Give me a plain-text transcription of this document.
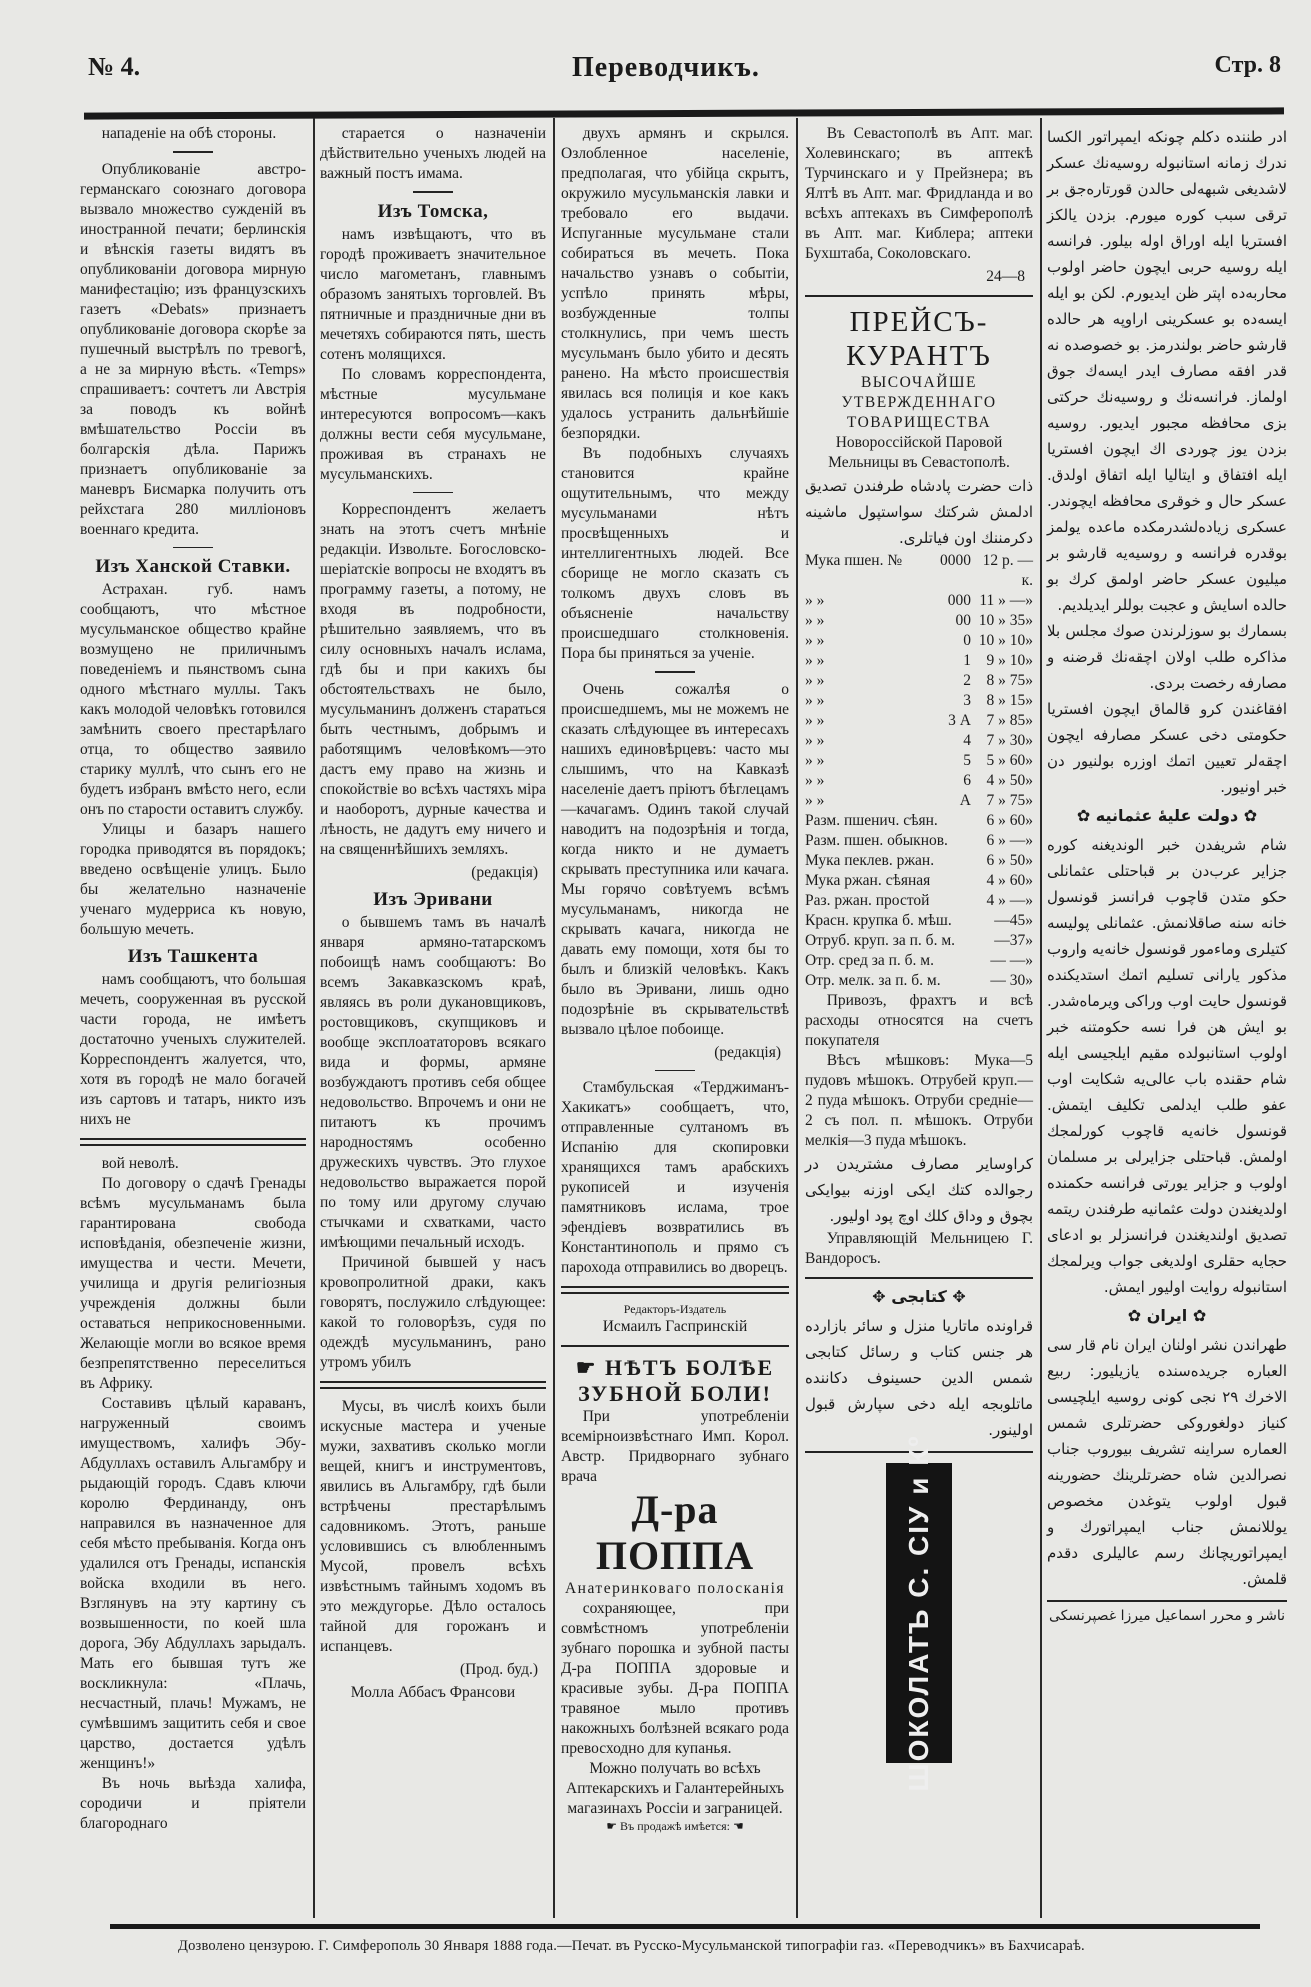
№ 4.	Переводчикъ.	Стр. 8

нападеніе на обѣ стороны.

Опубликованіе австро-германскаго союзнаго договора вызвало множество сужденій въ иностранной печати; берлинскія и вѣнскія газеты видятъ въ опубликованіи договора мирную манифестацію; изъ французскихъ газетъ «Debats» признаетъ опубликованіе договора скорѣе за пушечный выстрѣлъ по тревогѣ, а не за мирную вѣсть. «Temps» спрашиваетъ: сочтетъ ли Австрія за поводъ къ войнѣ вмѣшательство Россіи въ болгарскія дѣла. Парижъ признаетъ опубликованіе за маневръ Бисмарка получить отъ рейхстага 280 милліоновъ военнаго кредита.

Изъ Ханской Ставки.

Астрахан. губ. намъ сообщаютъ, что мѣстное мусульманское общество крайне возмущено не приличнымъ поведеніемъ и пьянствомъ сына одного мѣстнаго муллы. Такъ какъ молодой человѣкъ готовился замѣнить своего престарѣлаго отца, то общество заявило старику муллѣ, что сынъ его не будетъ избранъ вмѣсто него, если онъ по старости оставитъ службу.

Улицы и базаръ нашего городка приводятся въ порядокъ; введено освѣщеніе улицъ. Было бы желательно назначеніе ученаго мудерриса къ новую, большую мечеть.

Изъ Ташкента

намъ сообщаютъ, что большая мечеть, сооруженная въ русской части города, не имѣетъ достаточно ученыхъ служителей. Корреспондентъ жалуется, что, хотя въ городѣ не мало богачей изъ сартовъ и татаръ, никто изъ нихъ не

вой неволѣ.

По договору о сдачѣ Гренады всѣмъ мусульманамъ была гарантирована свобода исповѣданія, обезпеченіе жизни, имущества и чести. Мечети, училища и другія религіозныя учрежденія должны были оставаться неприкосновенными. Желающіе могли во всякое время безпрепятственно переселиться въ Африку.

Составивъ цѣлый караванъ, нагруженный своимъ имуществомъ, халифъ Эбу-Абдуллахъ оставилъ Альгамбру и рыдающій городъ. Сдавъ ключи королю Фердинанду, онъ направился въ назначенное для себя мѣсто пребыванія. Когда онъ удалился отъ Гренады, испанскія войска входили въ него. Взглянувъ на эту картину съ возвышенности, по коей шла дорога, Эбу Абдуллахъ зарыдалъ. Мать его бывшая тутъ же воскликнула: «Плачь, несчастный, плачь! Мужамъ, не сумѣвшимъ защитить себя и свое царство, достается удѣлъ женщинъ!»

Въ ночь выѣзда халифа, сородичи и пріятели благороднаго

старается о назначеніи дѣйствительно ученыхъ людей на важный постъ имама.

Изъ Томска,

намъ извѣщаютъ, что въ городѣ проживаетъ значительное число магометанъ, главнымъ образомъ занятыхъ торговлей. Въ пятничные и праздничные дни въ мечетяхъ собираются пять, шесть сотенъ молящихся.

По словамъ корреспондента, мѣстные мусульмане интересуются вопросомъ—какъ должны вести себя мусульмане, проживая въ странахъ не мусульманскихъ.

Корреспондентъ желаетъ знать на этотъ счетъ мнѣніе редакціи. Извольте. Богословско-шеріатскіе вопросы не входятъ въ программу газеты, а потому, не входя въ подробности, рѣшительно заявляемъ, что въ силу основныхъ началъ ислама, гдѣ бы и при какихъ бы обстоятельствахъ не было, мусульманинъ долженъ стараться быть честнымъ, добрымъ и работящимъ человѣкомъ—это дастъ ему право на жизнь и спокойствіе во всѣхъ частяхъ міра и наоборотъ, дурные качества и лѣность, не дадутъ ему ничего и на священнѣйшихъ земляхъ.

(редакція)
Изъ Эривани

о бывшемъ тамъ въ началѣ января армяно-татарскомъ побоищѣ намъ сообщаютъ: Во всемъ Закавказскомъ краѣ, являясь въ роли дукановщиковъ, ростовщиковъ, скупщиковъ и вообще эксплоататоровъ всякаго вида и формы, армяне возбуждаютъ противъ себя общее недовольство. Впрочемъ и они не питаютъ къ прочимъ народностямъ особенно дружескихъ чувствъ. Это глухое недовольство выражается порой по тому или другому случаю стычками и схватками, часто имѣющими печальный исходъ.

Причиной бывшей у насъ кровопролитной драки, какъ говорятъ, послужило слѣдующее: какой то головорѣзъ, судя по одеждѣ мусульманинъ, рано утромъ убилъ

Мусы, въ числѣ коихъ были искусные мастера и ученые мужи, захвативъ сколько могли вещей, книгъ и инструментовъ, явились въ Альгамбру, гдѣ были встрѣчены престарѣлымъ садовникомъ. Этотъ, раньше условившись съ влюбленнымъ Мусой, провелъ всѣхъ извѣстнымъ тайнымъ ходомъ въ это междугорье. Дѣло осталось тайной для горожанъ и испанцевъ.

(Прод. буд.)
Молла Аббасъ Франсови

двухъ армянъ и скрылся. Озлобленное населеніе, предполагая, что убійца скрытъ, окружило мусульманскія лавки и требовало его выдачи. Испуганные мусульмане стали собираться въ мечеть. Пока начальство узнавъ о событіи, успѣло принять мѣры, возбужденные толпы столкнулись, при чемъ шесть мусульманъ было убито и десять ранено. На мѣсто происшествія явилась вся полиція и кое какъ удалось устранить дальнѣйшіе безпорядки.

Въ подобныхъ случаяхъ становится крайне ощутительнымъ, что между мусульманами нѣтъ просвѣщенныхъ и интеллигентныхъ людей. Все сборище не могло сказать съ толкомъ двухъ словъ въ объясненіе начальству происшедшаго столкновенія. Пора бы приняться за ученіе.

Очень сожалѣя о происшедшемъ, мы не можемъ не сказать слѣдующее въ интересахъ нашихъ единовѣрцевъ: часто мы слышимъ, что на Кавказѣ населеніе даетъ пріютъ бѣглецамъ—качагамъ. Одинъ такой случай наводитъ на подозрѣнія и тогда, когда никто и не думаетъ скрывать преступника или качага. Мы горячо совѣтуемъ всѣмъ мусульманамъ, никогда не скрывать качага, никогда не давать ему помощи, хотя бы то былъ и близкій человѣкъ. Какъ было въ Эривани, лишь одно подозрѣніе въ скрывательствѣ вызвало цѣлое побоище.

(редакція)

Стамбульская «Терджиманъ-Хакикатъ» сообщаетъ, что, отправленные султаномъ въ Испанію для скопировки хранящихся тамъ арабскихъ рукописей и изученія памятниковъ ислама, трое эфендіевъ возвратились въ Константинополь и прямо съ парохода отправились во дворецъ.

Редакторъ-Издатель
Исмаилъ Гаспринскій
☛ НѢТЪ БОЛѢЕ ЗУБНОЙ БОЛИ!

При употребленіи всемірноизвѣстнаго Имп. Корол. Австр. Придворнаго зубнаго врача

Д-ра ПОППА
Анатеринковаго полосканія

сохраняющее, при совмѣстномъ употребленіи зубнаго порошка и зубной пасты Д-ра ПОППА здоровые и красивые зубы. Д-ра ПОППА травяное мыло противъ накожныхъ болѣзней всякаго рода превосходно для купанья.

Можно получать во всѣхъ Аптекарскихъ и Галантерейныхъ магазинахъ Россіи и заграницей.
☛ Въ продажѣ имѣется: ☚

Въ Севастополѣ въ Апт. маг. Холевинскаго; въ аптекѣ Турчинскаго и у Прейзнера; въ Ялтѣ въ Апт. маг. Фридланда и во всѣхъ аптекахъ въ Симферополѣ въ Апт. маг. Киблера; аптеки Бухштаба, Соколовскаго.

24—8
ПРЕЙСЪ-КУРАНТЪ
ВЫСОЧАЙШЕ УТВЕРЖДЕННАГО ТОВАРИЩЕСТВА
Новороссійской Паровой Мельницы въ Севастополѣ.
ذات حضرت پادشاه طرفندن تصدیق ادلمش شرکتك سواستپول ماشینه دکرمننك اون فیاتلری.
Мука пшен. №	0000 12 р. — к.
» »	000 11 » —»
» »	00 10 » 35»
» »	0 10 » 10»
» »	1	9 » 10»
» »	2	8 » 75»
» »	3	8 » 15»
» »	3 А	7 » 85»
» »	4	7 » 30»
» »	5	5 » 60»
» »	6	4 » 50»
» »	А	7 » 75»
Разм. пшенич. сѣян.	6 » 60»
Разм. пшен. обыкнов. 6 » —»
Мука пеклев. ржан.	6 » 50»
Мука ржан. сѣяная	4 » 60»
Раз. ржан. простой	4 » —»
Красн. крупка б. мѣш.	—45»
Отруб. круп. за п. б. м.	—37»
Отр. сред за п. б. м.	— —»
Отр. мелк. за п. б. м.	— 30»

Привозъ, фрахтъ и всѣ расходы относятся на счетъ покупателя

Вѣсъ мѣшковъ: Мука—5 пудовъ мѣшокъ. Отрубей круп.—2 пуда мѣшокъ. Отруби средніе—2 съ пол. п. мѣшокъ. Отруби мелкія—3 пуда мѣшокъ.

کراوسایر مصارف مشتریدن در رجوالده کتك ایکی اوزنه بیوایکی بچوق و وداق کلك اوچ پود اولیور.

Управляющій Мельницею Г. Вандоросъ.

✥ کتابجی ✥
قراونده ماتاریا منزل و سائر بازارده هر جنس کتاب و رسائل کتابجی شمس الدین حسینوف دکاننده ماتلوبجه ایله دخی سپارش قبول اولینور.
ШОКОЛАТЪ С. СІУ и Кº
ادر طننده دکلم چونکه ایمپراتور الکسا ندرك زمانه استانبوله روسیه‌نك عسکر لاشدیغی شبهه‌لی حالدن قورتاره‌جق بر ترقی سبب کوره میورم. بزدن یالکز افستریا ایله اوراق اوله بیلور. فرانسه ایله روسیه حربی ایچون حاضر اولوب محاربه‌ده اپتر ظن ایدیورم. لکن بو ایله ایسه‌ده بو عسکرینی اراوپه هر حالده قارشو حاضر بولندرمز. بو خصوصده نه قدر افقه مصارف ایدر ایسه‌ك جوق اولماز. فرانسه‌نك و روسیه‌نك حرکتی بزی محافظه مجبور ایدیور. روسیه بزدن یوز چوردی اك ایچون افستریا ایله افتفاق و ایتالیا ایله اتفاق اولدق. عسکر حال و خوقری محافظه ایچوندر. عسکری زیاده‌لشدرمکده ماعده یولمز بوقدره فرانسه و روسیه‌یه قارشو بر میلیون عسکر حاضر اولمق کرك بو حالده اسایش و عجبت بوللر ایدیلدیم.
بسمارك بو سوزلرندن صوك مجلس بلا مذاکره طلب اولان اچقه‌نك قرضنه و مصارفه رخصت بردی.
افقاغندن کرو قالماق ایچون افستریا حکومتی دخی عسکر مصارفه ایچون اچقه‌لر تعیین اتمك اوزره بولنیور دن خبر اونیور.
✿ دولت علیهٔ عثمانیه ✿
شام شریفدن خبر الوندیغنه کوره جزایر عرب‌دن بر قباحتلی عثمانلی حکو متدن قاچوب فرانسز قونسول خانه سنه صاقلانمش. عثمانلی پولیسه کتیلری وماءمور قونسول خانه‌یه واروب مذکور یارانی تسلیم اتمك استدیکنده قونسول حایت اوب وراکی ویرماه‌شدر. بو ایش هن فرا نسه حکومتنه خبر اولوب استانبولده مقیم ایلجیسی ایله شام حقنده باب عالی‌یه شکایت اوب عفو طلب ایدلمی تکلیف ایتمش. قونسول خانه‌یه قاچوب کورلمجك اولمش. قباحتلی جزایرلی بر مسلمان اولوب و جزایر یورتی فرانسه حکمنده اولدیغندن دولت عثمانیه طرفندن ریتمه تصدیق اولندیغندن فرانسزلر بو ادعای حجایه حقلری اولدیغی جواب ویرلمجك استانبوله روایت اولیور ایمش.
✿ ایران ✿
طهراندن نشر اولنان ایران نام قار سی العباره جریده‌سنده یازیلیور: ربیع الاخرك ۲۹ نجی کونی روسیه ایلچیسی کنیاز دولغوروکی حضرتلری شمس العماره سراینه تشریف بیوروب جناب نصرالدین شاه حضرتلرینك حضورینه قبول اولوب یتوغدن مخصوص یوللانمش جناب ایمپراتورك و ایمپراتوریچانك رسم عالیلری دقدم قلمش.
ناشر و محرر اسماعیل میرزا غصپرنسکی
Дозволено цензурою. Г. Симферополь 30 Января 1888 года.—Печат. въ Русско-Мусульманской типографіи газ. «Переводчикъ» въ Бахчисараѣ.
